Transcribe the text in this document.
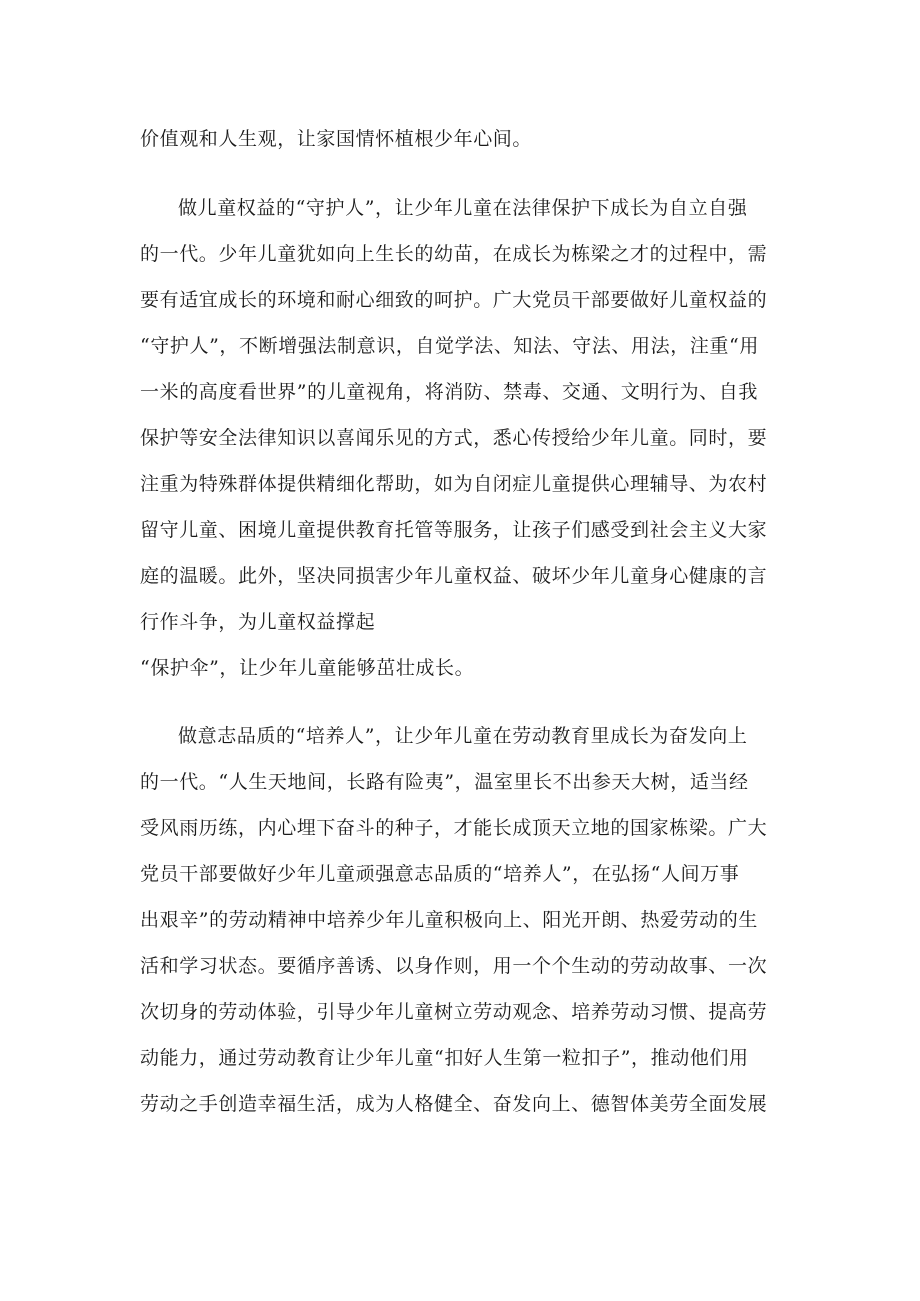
价值观和人生观，让家国情怀植根少年心间。
做儿童权益的“守护人”，让少年儿童在法律保护下成长为自立自强
的一代。少年儿童犹如向上生长的幼苗，在成长为栋梁之才的过程中，需
要有适宜成长的环境和耐心细致的呵护。广大党员干部要做好儿童权益的
“守护人”，不断增强法制意识，自觉学法、知法、守法、用法，注重“用
一米的高度看世界”的儿童视角，将消防、禁毒、交通、文明行为、自我
保护等安全法律知识以喜闻乐见的方式，悉心传授给少年儿童。同时，要
注重为特殊群体提供精细化帮助，如为自闭症儿童提供心理辅导、为农村
留守儿童、困境儿童提供教育托管等服务，让孩子们感受到社会主义大家
庭的温暖。此外，坚决同损害少年儿童权益、破坏少年儿童身心健康的言
行作斗争，为儿童权益撑起
“保护伞”，让少年儿童能够茁壮成长。
做意志品质的“培养人”，让少年儿童在劳动教育里成长为奋发向上
的一代。“人生天地间，长路有险夷”，温室里长不出参天大树，适当经
受风雨历练，内心埋下奋斗的种子，才能长成顶天立地的国家栋梁。广大
党员干部要做好少年儿童顽强意志品质的“培养人”，在弘扬“人间万事
出艰辛”的劳动精神中培养少年儿童积极向上、阳光开朗、热爱劳动的生
活和学习状态。要循序善诱、以身作则，用一个个生动的劳动故事、一次
次切身的劳动体验，引导少年儿童树立劳动观念、培养劳动习惯、提高劳
动能力，通过劳动教育让少年儿童“扣好人生第一粒扣子”，推动他们用
劳动之手创造幸福生活，成为人格健全、奋发向上、德智体美劳全面发展
